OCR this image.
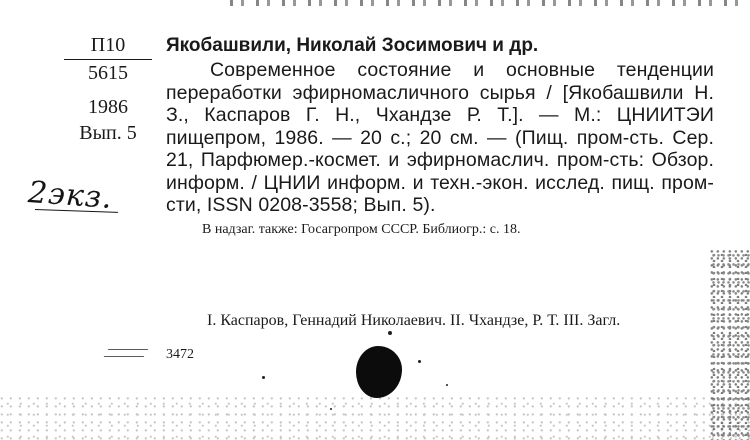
П10
5615
1986
Вып. 5
2экз.
Якобашвили, Николай Зосимович и др.

Современное состояние и основные тенденции переработки эфирномасличного сырья / [Якобашвили Н. З., Каспаров Г. Н., Чхандзе Р. Т.]. — М.: ЦНИИТЭИ пищепром, 1986. — 20 с.; 20 см. — (Пищ. пром-сть. Сер. 21, Парфюмер.-космет. и эфирномаслич. пром-сть: Обзор. информ. / ЦНИИ информ. и техн.-экон. исслед. пищ. пром-сти, ISSN 0208-3558; Вып. 5).

В надзаг. также: Госагропром СССР. Библиогр.: с. 18.
I. Каспаров, Геннадий Николаевич. II. Чхандзе, Р. Т. III. Загл.
3472
